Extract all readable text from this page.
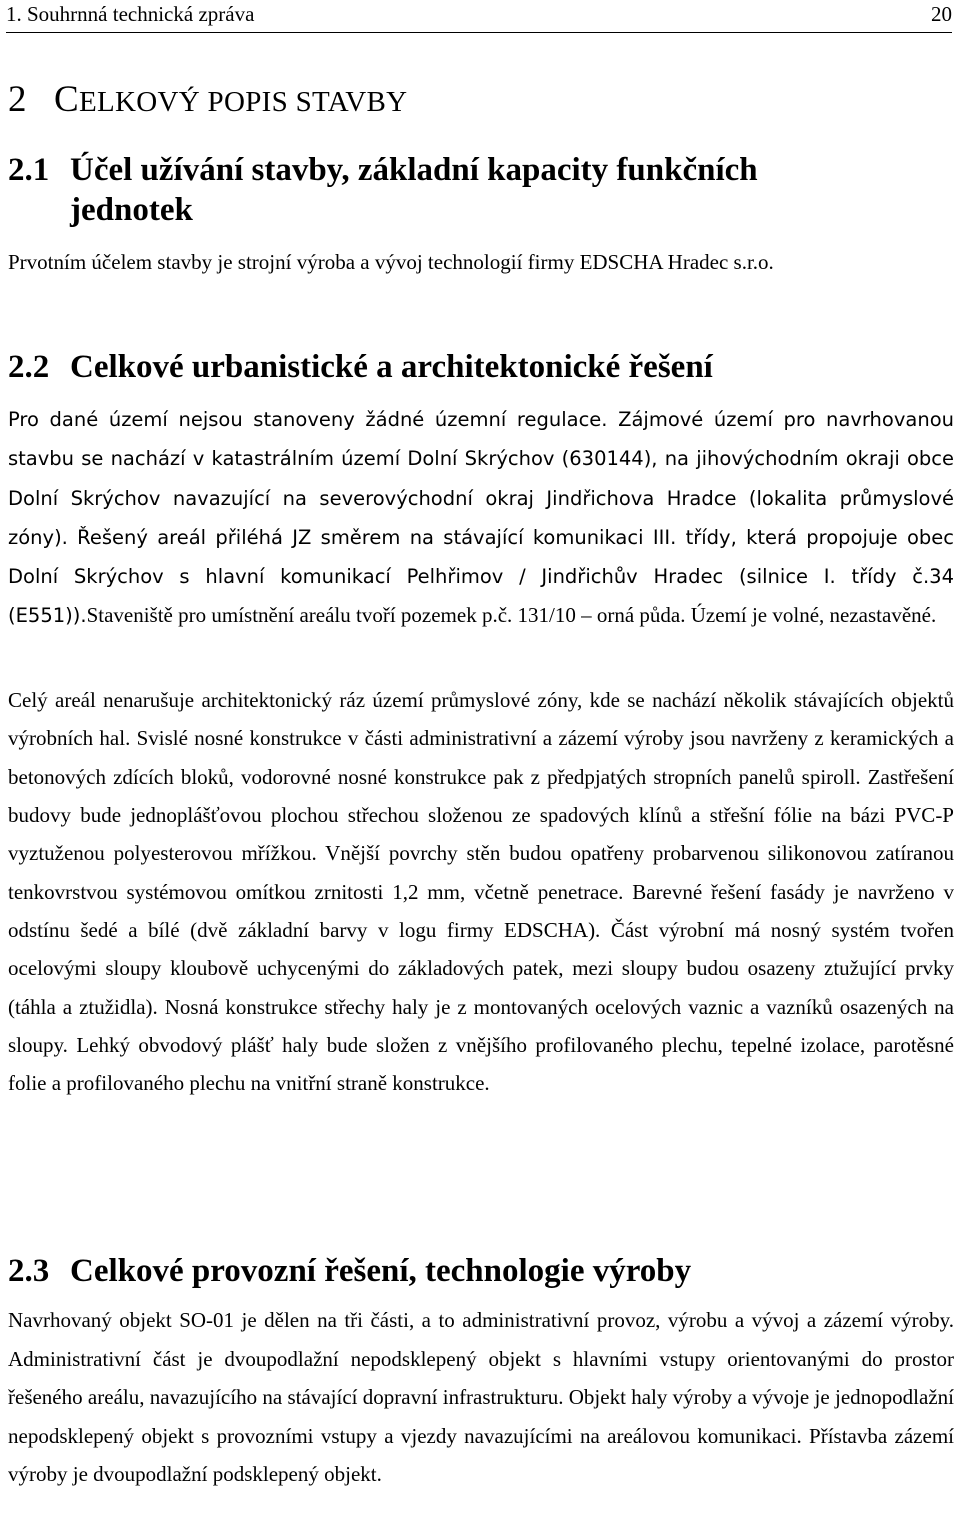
1. Souhrnná technická zpráva	20
2 CELKOVÝ POPIS STAVBY
2.1 Účel užívání stavby, základní kapacity funkčních
jednotek

Prvotním účelem stavby je strojní výroba a vývoj technologií firmy EDSCHA Hradec s.r.o.

2.2 Celkové urbanistické a architektonické řešení

Pro dané území nejsou stanoveny žádné územní regulace. Zájmové území pro navrhovanou stavbu se nachází v katastrálním území Dolní Skrýchov (630144), na jihovýchodním okraji obce Dolní Skrýchov navazující na severovýchodní okraj Jindřichova Hradce (lokalita průmyslové zóny). Řešený areál přiléhá JZ směrem na stávající komunikaci III. třídy, která propojuje obec Dolní Skrýchov s hlavní komunikací Pelhřimov / Jindřichův Hradec (silnice I. třídy č.34 (E551)).Staveniště pro umístnění areálu tvoří pozemek p.č. 131/10 – orná půda. Území je volné, nezastavěné.

Celý areál nenarušuje architektonický ráz území průmyslové zóny, kde se nachází několik stávajících objektů výrobních hal. Svislé nosné konstrukce v části administrativní a zázemí výroby jsou navrženy z keramických a betonových zdících bloků, vodorovné nosné konstrukce pak z předpjatých stropních panelů spiroll. Zastřešení budovy bude jednoplášťovou plochou střechou složenou ze spadových klínů a střešní fólie na bázi PVC-P vyztuženou polyesterovou mřížkou. Vnější povrchy stěn budou opatřeny probarvenou silikonovou zatíranou tenkovrstvou systémovou omítkou zrnitosti 1,2 mm, včetně penetrace. Barevné řešení fasády je navrženo v odstínu šedé a bílé (dvě základní barvy v logu firmy EDSCHA). Část výrobní má nosný systém tvořen ocelovými sloupy kloubově uchycenými do základových patek, mezi sloupy budou osazeny ztužující prvky (táhla a ztužidla). Nosná konstrukce střechy haly je z montovaných ocelových vaznic a vazníků osazených na sloupy. Lehký obvodový plášť haly bude složen z vnějšího profilovaného plechu, tepelné izolace, parotěsné folie a profilovaného plechu na vnitřní straně konstrukce.

2.3 Celkové provozní řešení, technologie výroby

Navrhovaný objekt SO-01 je dělen na tři části, a to administrativní provoz, výrobu a vývoj a zázemí výroby. Administrativní část je dvoupodlažní nepodsklepený objekt s hlavními vstupy orientovanými do prostor řešeného areálu, navazujícího na stávající dopravní infrastrukturu. Objekt haly výroby a vývoje je jednopodlažní nepodsklepený objekt s provozními vstupy a vjezdy navazujícími na areálovou komunikaci. Přístavba zázemí výroby je dvoupodlažní podsklepený objekt.
